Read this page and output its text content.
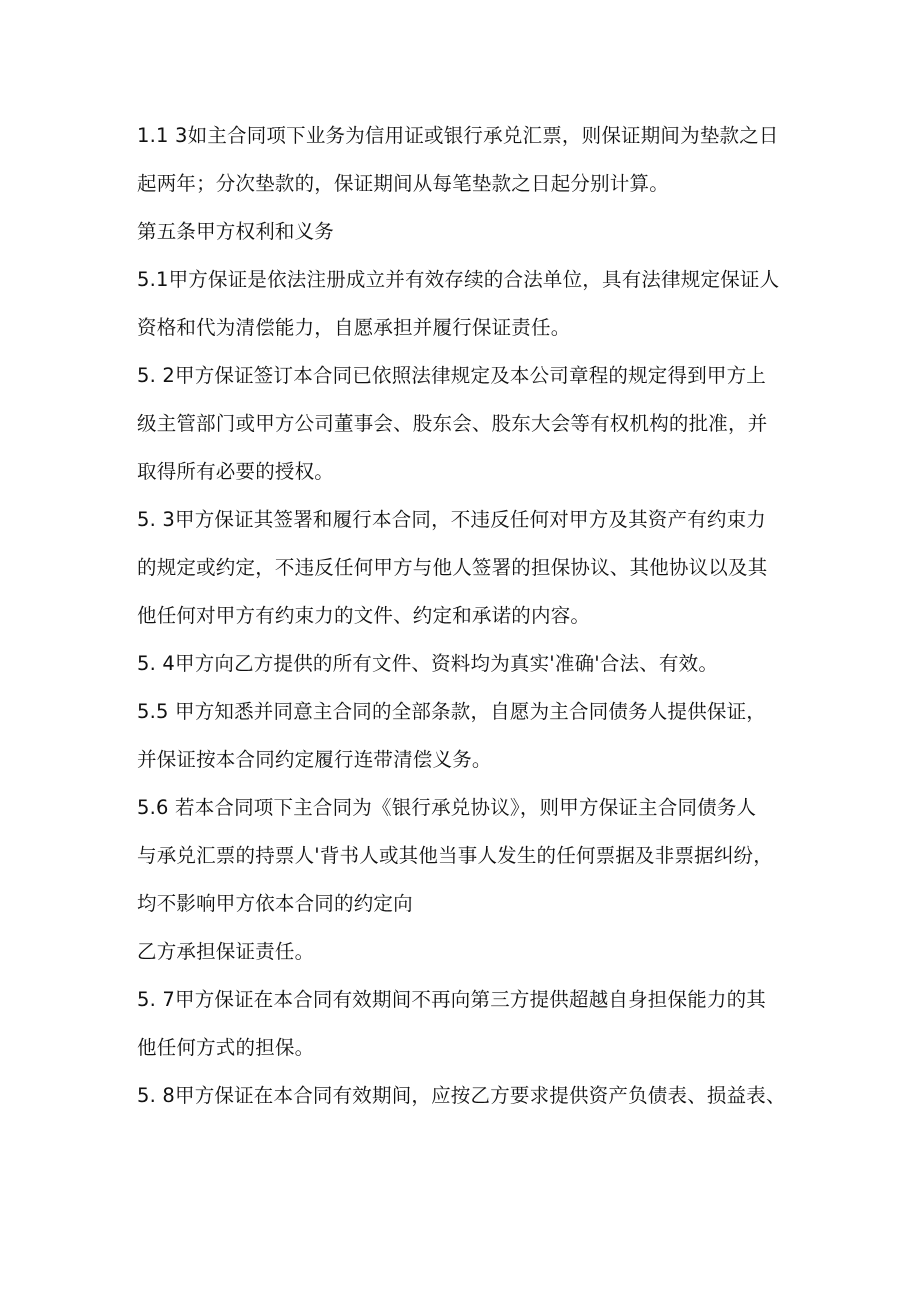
1.1 3如主合同项下业务为信用证或银行承兑汇票，则保证期间为垫款之日
起两年；分次垫款的，保证期间从每笔垫款之日起分别计算。
第五条甲方权利和义务
5.1甲方保证是依法注册成立并有效存续的合法单位，具有法律规定保证人
资格和代为清偿能力，自愿承担并履行保证责任。
5. 2甲方保证签订本合同已依照法律规定及本公司章程的规定得到甲方上
级主管部门或甲方公司董事会、股东会、股东大会等有权机构的批准，并
取得所有必要的授权。
5. 3甲方保证其签署和履行本合同，不违反任何对甲方及其资产有约束力
的规定或约定，不违反任何甲方与他人签署的担保协议、其他协议以及其
他任何对甲方有约束力的文件、约定和承诺的内容。
5. 4甲方向乙方提供的所有文件、资料均为真实'准确'合法、有效。
5.5 甲方知悉并同意主合同的全部条款，自愿为主合同债务人提供保证，
并保证按本合同约定履行连带清偿义务。
5.6 若本合同项下主合同为《银行承兑协议》，则甲方保证主合同债务人
与承兑汇票的持票人'背书人或其他当事人发生的任何票据及非票据纠纷，
均不影响甲方依本合同的约定向
乙方承担保证责任。
5. 7甲方保证在本合同有效期间不再向第三方提供超越自身担保能力的其
他任何方式的担保。
5. 8甲方保证在本合同有效期间，应按乙方要求提供资产负债表、损益表、
